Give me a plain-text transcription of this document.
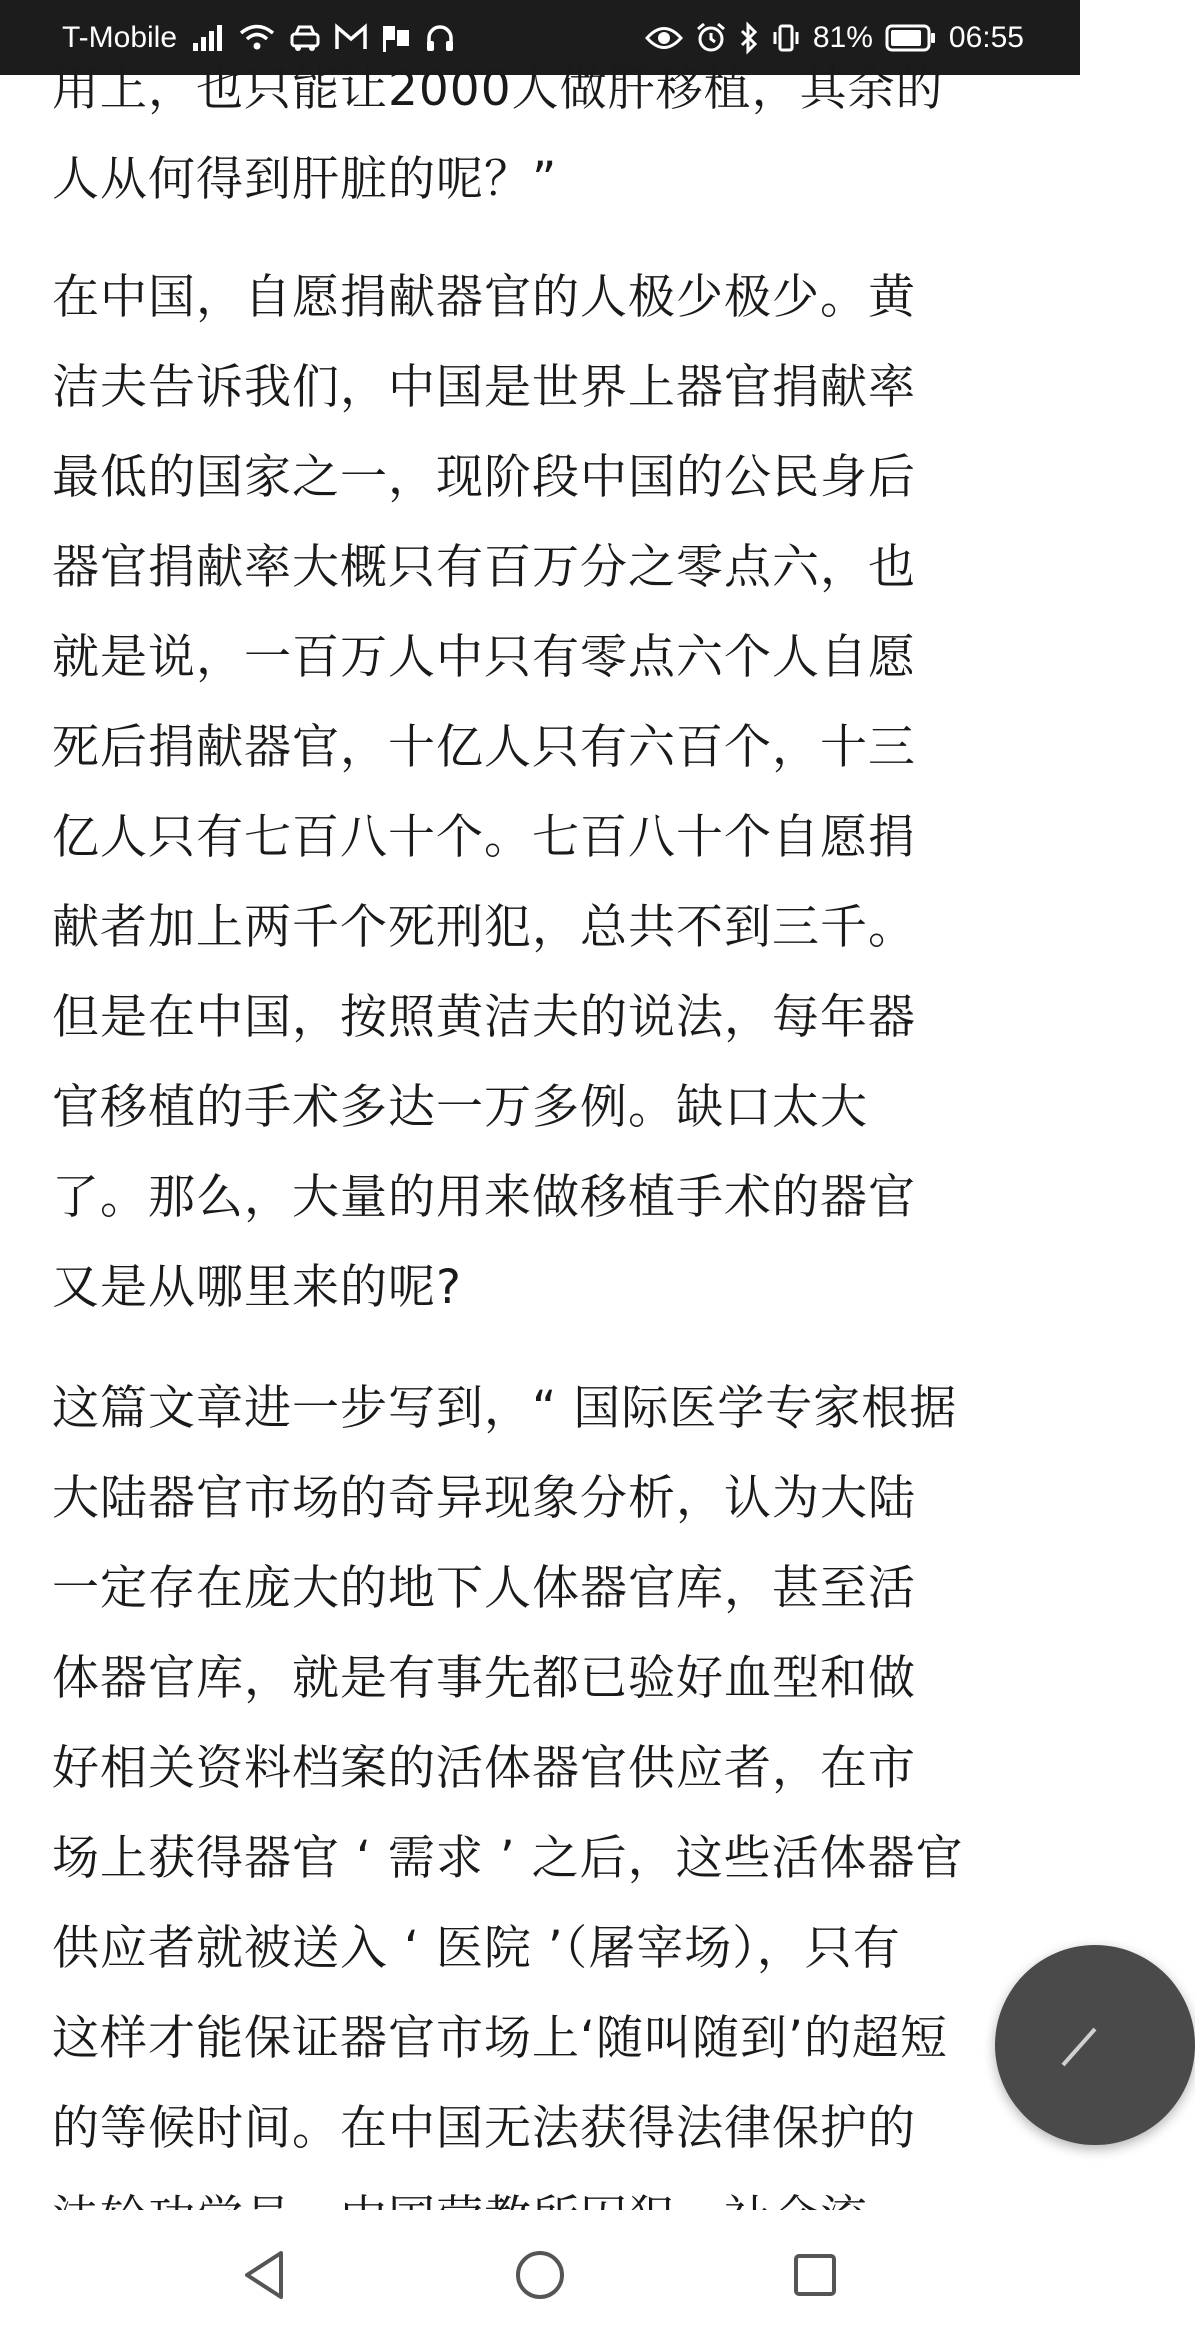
T-Mobile	81%	06:55

用上，也只能让2000人做肝移植，其余的
人从何得到肝脏的呢？”

在中国，自愿捐献器官的人极少极少。黄
洁夫告诉我们，中国是世界上器官捐献率
最低的国家之一，现阶段中国的公民身后
器官捐献率大概只有百万分之零点六，也
就是说，一百万人中只有零点六个人自愿
死后捐献器官，十亿人只有六百个，十三
亿人只有七百八十个。七百八十个自愿捐
献者加上两千个死刑犯，总共不到三千。
但是在中国，按照黄洁夫的说法，每年器
官移植的手术多达一万多例。缺口太大
了。那么，大量的用来做移植手术的器官
又是从哪里来的呢?

这篇文章进一步写到，“ 国际医学专家根据
大陆器官市场的奇异现象分析，认为大陆
一定存在庞大的地下人体器官库，甚至活
体器官库，就是有事先都已验好血型和做
好相关资料档案的活体器官供应者，在市
场上获得器官 ‘ 需求 ’ 之后，这些活体器官
供应者就被送入 ‘ 医院 ’（屠宰场），只有
这样才能保证器官市场上‘随叫随到’的超短
的等候时间。在中国无法获得法律保护的
